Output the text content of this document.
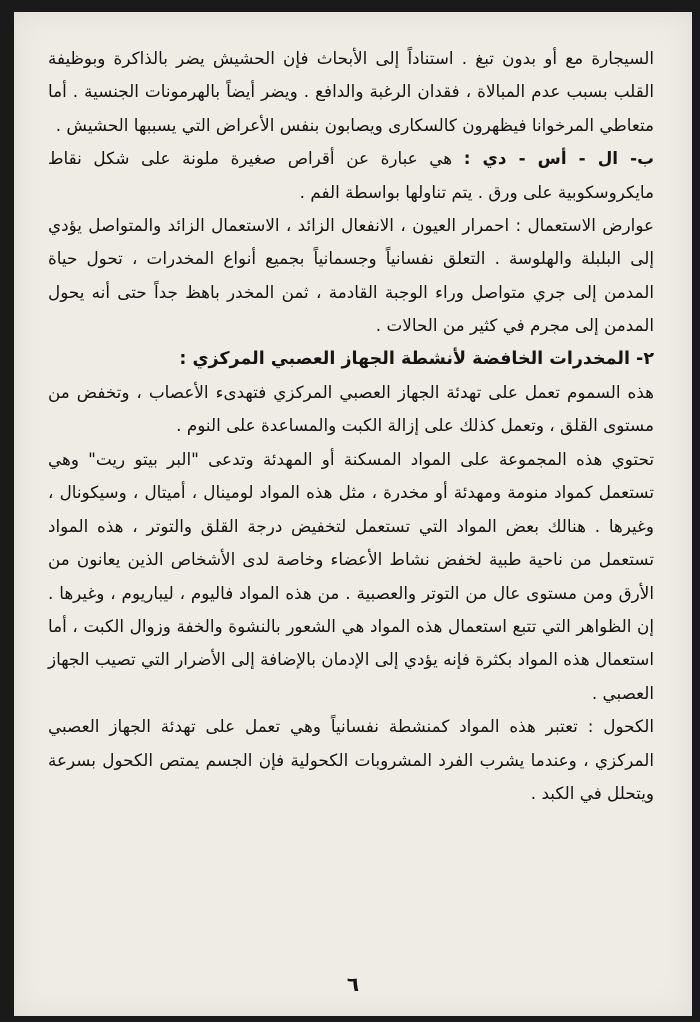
السيجارة مع أو بدون تبغ . استناداً إلى الأبحاث فإن الحشيش يضر بالذاكرة وبوظيفة القلب بسبب عدم المبالاة ، فقدان الرغبة والدافع . ويضر أيضاً بالهرمونات الجنسية . أما متعاطي المرخوانا فيظهرون كالسكارى ويصابون بنفس الأعراض التي يسببها الحشيش .

ب- ال - أس - دي : هي عبارة عن أقراص صغيرة ملونة على شكل نقاط مايكروسكوبية على ورق . يتم تناولها بواسطة الفم .

عوارض الاستعمال : احمرار العيون ، الانفعال الزائد ، الاستعمال الزائد والمتواصل يؤدي إلى البلبلة والهلوسة . التعلق نفسانياً وجسمانياً بجميع أنواع المخدرات ، تحول حياة المدمن إلى جري متواصل وراء الوجبة القادمة ، ثمن المخدر باهظ جداً حتى أنه يحول المدمن إلى مجرم في كثير من الحالات .

٢- المخدرات الخافضة لأنشطة الجهاز العصبي المركزي :

هذه السموم تعمل على تهدئة الجهاز العصبي المركزي فتهدىء الأعصاب ، وتخفض من مستوى القلق ، وتعمل كذلك على إزالة الكبت والمساعدة على النوم .

تحتوي هذه المجموعة على المواد المسكنة أو المهدئة وتدعى "البر بيتو ريت" وهي تستعمل كمواد منومة ومهدئة أو مخدرة ، مثل هذه المواد لومينال ، أميتال ، وسيكونال ، وغيرها . هنالك بعض المواد التي تستعمل لتخفيض درجة القلق والتوتر ، هذه المواد تستعمل من ناحية طبية لخفض نشاط الأعضاء وخاصة لدى الأشخاص الذين يعانون من الأرق ومن مستوى عال من التوتر والعصبية . من هذه المواد فاليوم ، ليباريوم ، وغيرها . إن الظواهر التي تتبع استعمال هذه المواد هي الشعور بالنشوة والخفة وزوال الكبت ، أما استعمال هذه المواد بكثرة فإنه يؤدي إلى الإدمان بالإضافة إلى الأضرار التي تصيب الجهاز العصبي .

الكحول : تعتبر هذه المواد كمنشطة نفسانياً وهي تعمل على تهدئة الجهاز العصبي المركزي ، وعندما يشرب الفرد المشروبات الكحولية فإن الجسم يمتص الكحول بسرعة ويتحلل في الكبد .

٦
